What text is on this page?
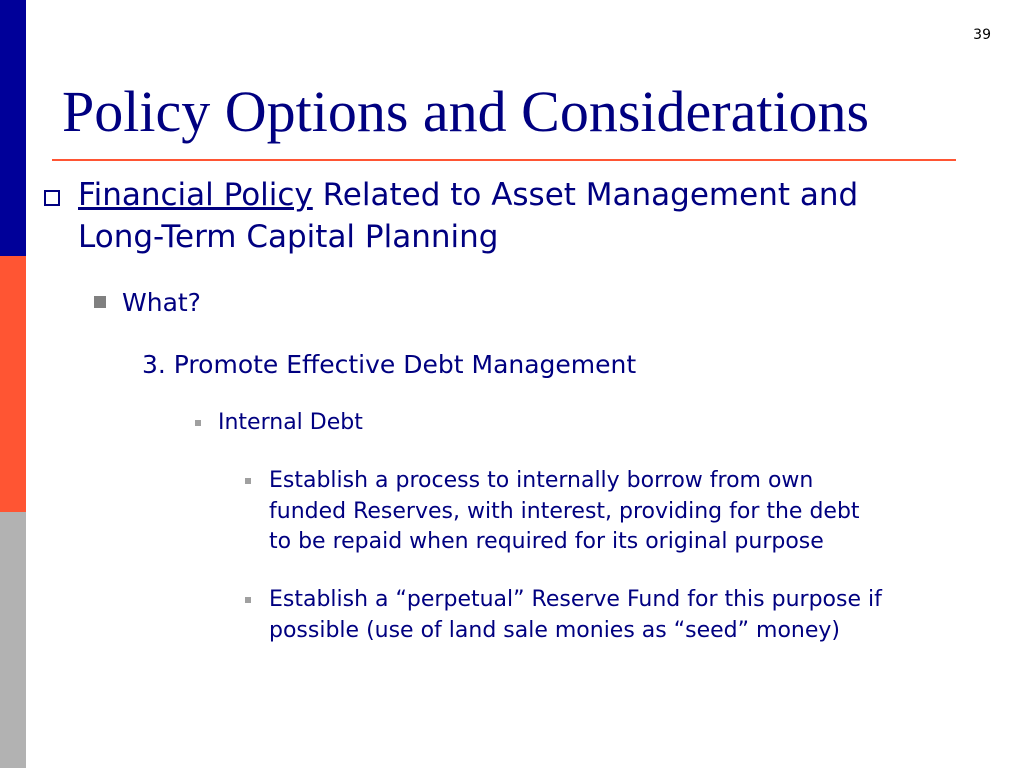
39
Policy Options and Considerations
Financial Policy Related to Asset Management and
Long-Term Capital Planning
What?
3. Promote Effective Debt Management
Internal Debt
Establish a process to internally borrow from own
funded Reserves, with interest, providing for the debt
to be repaid when required for its original purpose
Establish a “perpetual” Reserve Fund for this purpose if
possible (use of land sale monies as “seed” money)
